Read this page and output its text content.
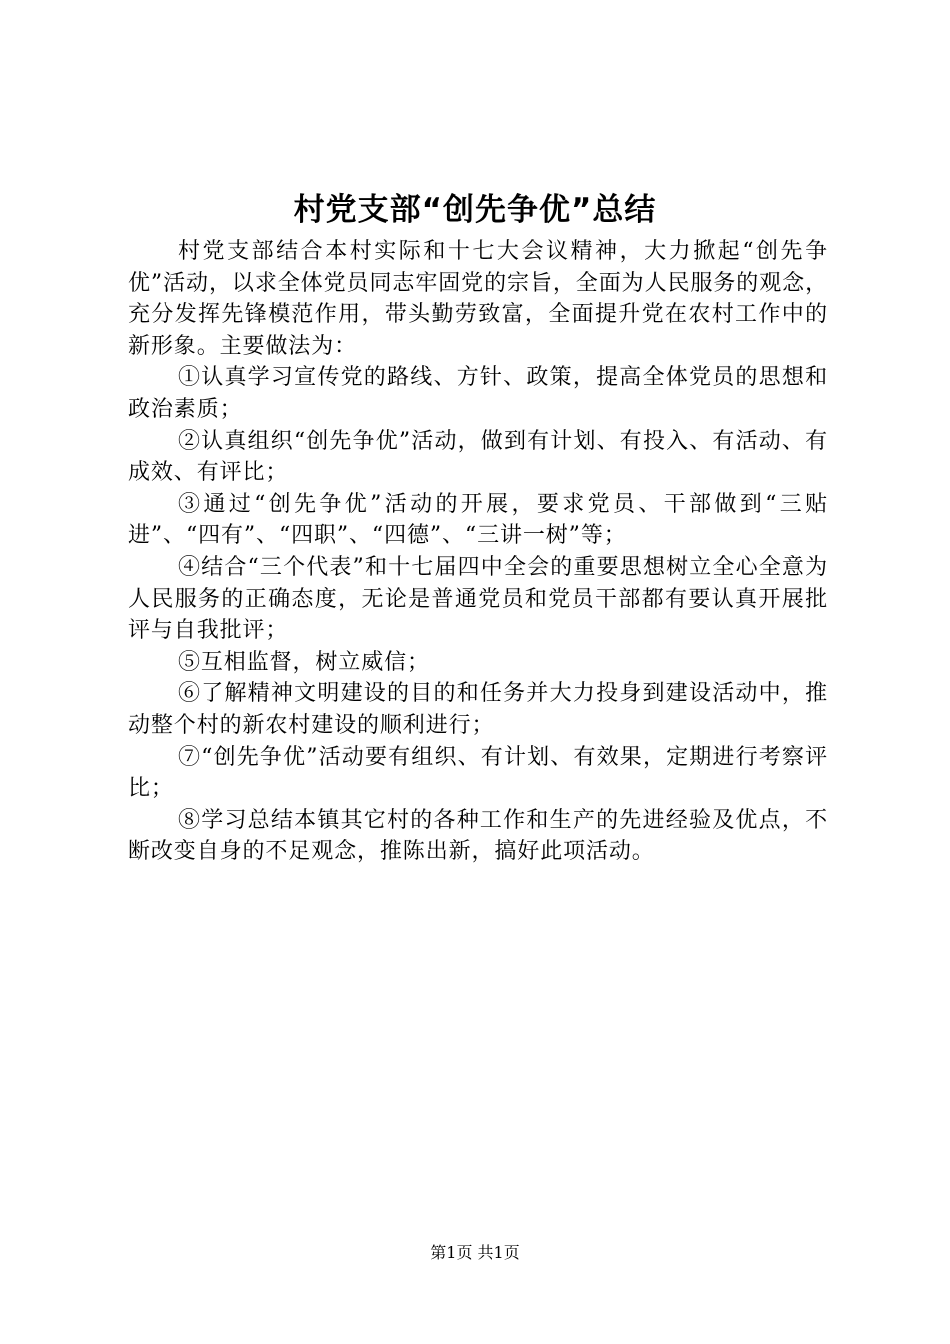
村党支部“创先争优”总结

村党支部结合本村实际和十七大会议精神，大力掀起“创先争优”活动，以求全体党员同志牢固党的宗旨，全面为人民服务的观念，充分发挥先锋模范作用，带头勤劳致富，全面提升党在农村工作中的新形象。主要做法为：

①认真学习宣传党的路线、方针、政策，提高全体党员的思想和政治素质；

②认真组织“创先争优”活动，做到有计划、有投入、有活动、有成效、有评比；

③通过“创先争优”活动的开展，要求党员、干部做到“三贴进”、“四有”、“四职”、“四德”、“三讲一树”等；

④结合“三个代表”和十七届四中全会的重要思想树立全心全意为人民服务的正确态度，无论是普通党员和党员干部都有要认真开展批评与自我批评；

⑤互相监督，树立威信；

⑥了解精神文明建设的目的和任务并大力投身到建设活动中，推动整个村的新农村建设的顺利进行；

⑦“创先争优”活动要有组织、有计划、有效果，定期进行考察评比；

⑧学习总结本镇其它村的各种工作和生产的先进经验及优点，不断改变自身的不足观念，推陈出新，搞好此项活动。

第1页 共1页
